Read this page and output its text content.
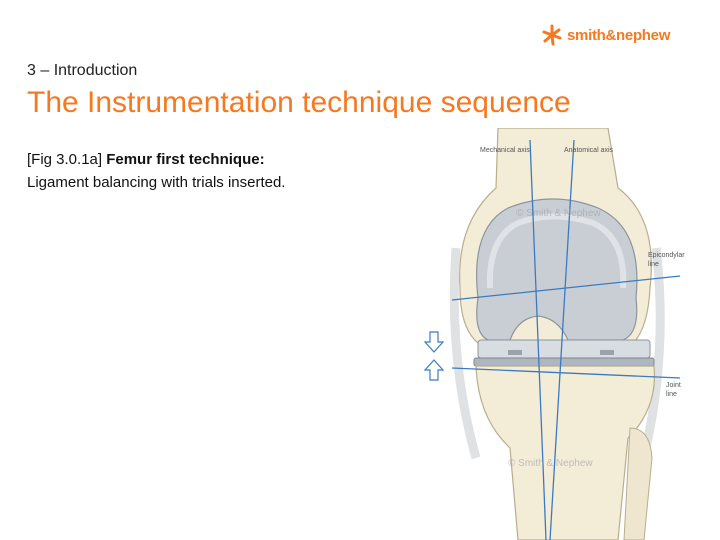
smith&nephew
3 – Introduction
The Instrumentation technique sequence
[Fig 3.0.1a] Femur first technique:
Ligament balancing with trials inserted.
Mechanical axis	Anatomical axis
Epicondylar
line
Joint
line
© Smith & Nephew
© Smith & Nephew
